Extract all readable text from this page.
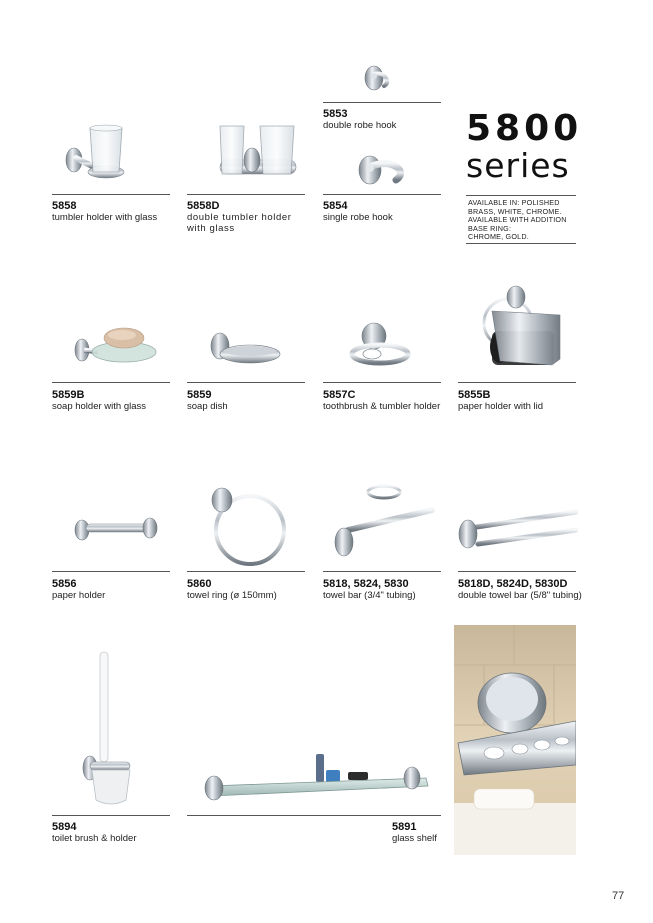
5800
series
AVAILABLE IN: POLISHED
BRASS, WHITE, CHROME.
AVAILABLE WITH ADDITION
BASE RING:
CHROME, GOLD.
5853
double robe hook
5858
tumbler holder with glass
5858D
double tumbler holder with glass
5854
single robe hook
5859B
soap holder with glass
5859
soap dish
5857C
toothbrush & tumbler holder
5855B
paper holder with lid
5856
paper holder
5860
towel ring (ø 150mm)
5818, 5824, 5830
towel bar (3/4" tubing)
5818D, 5824D, 5830D
double towel bar (5/8" tubing)
5894
toilet brush & holder
5891
glass shelf
77
